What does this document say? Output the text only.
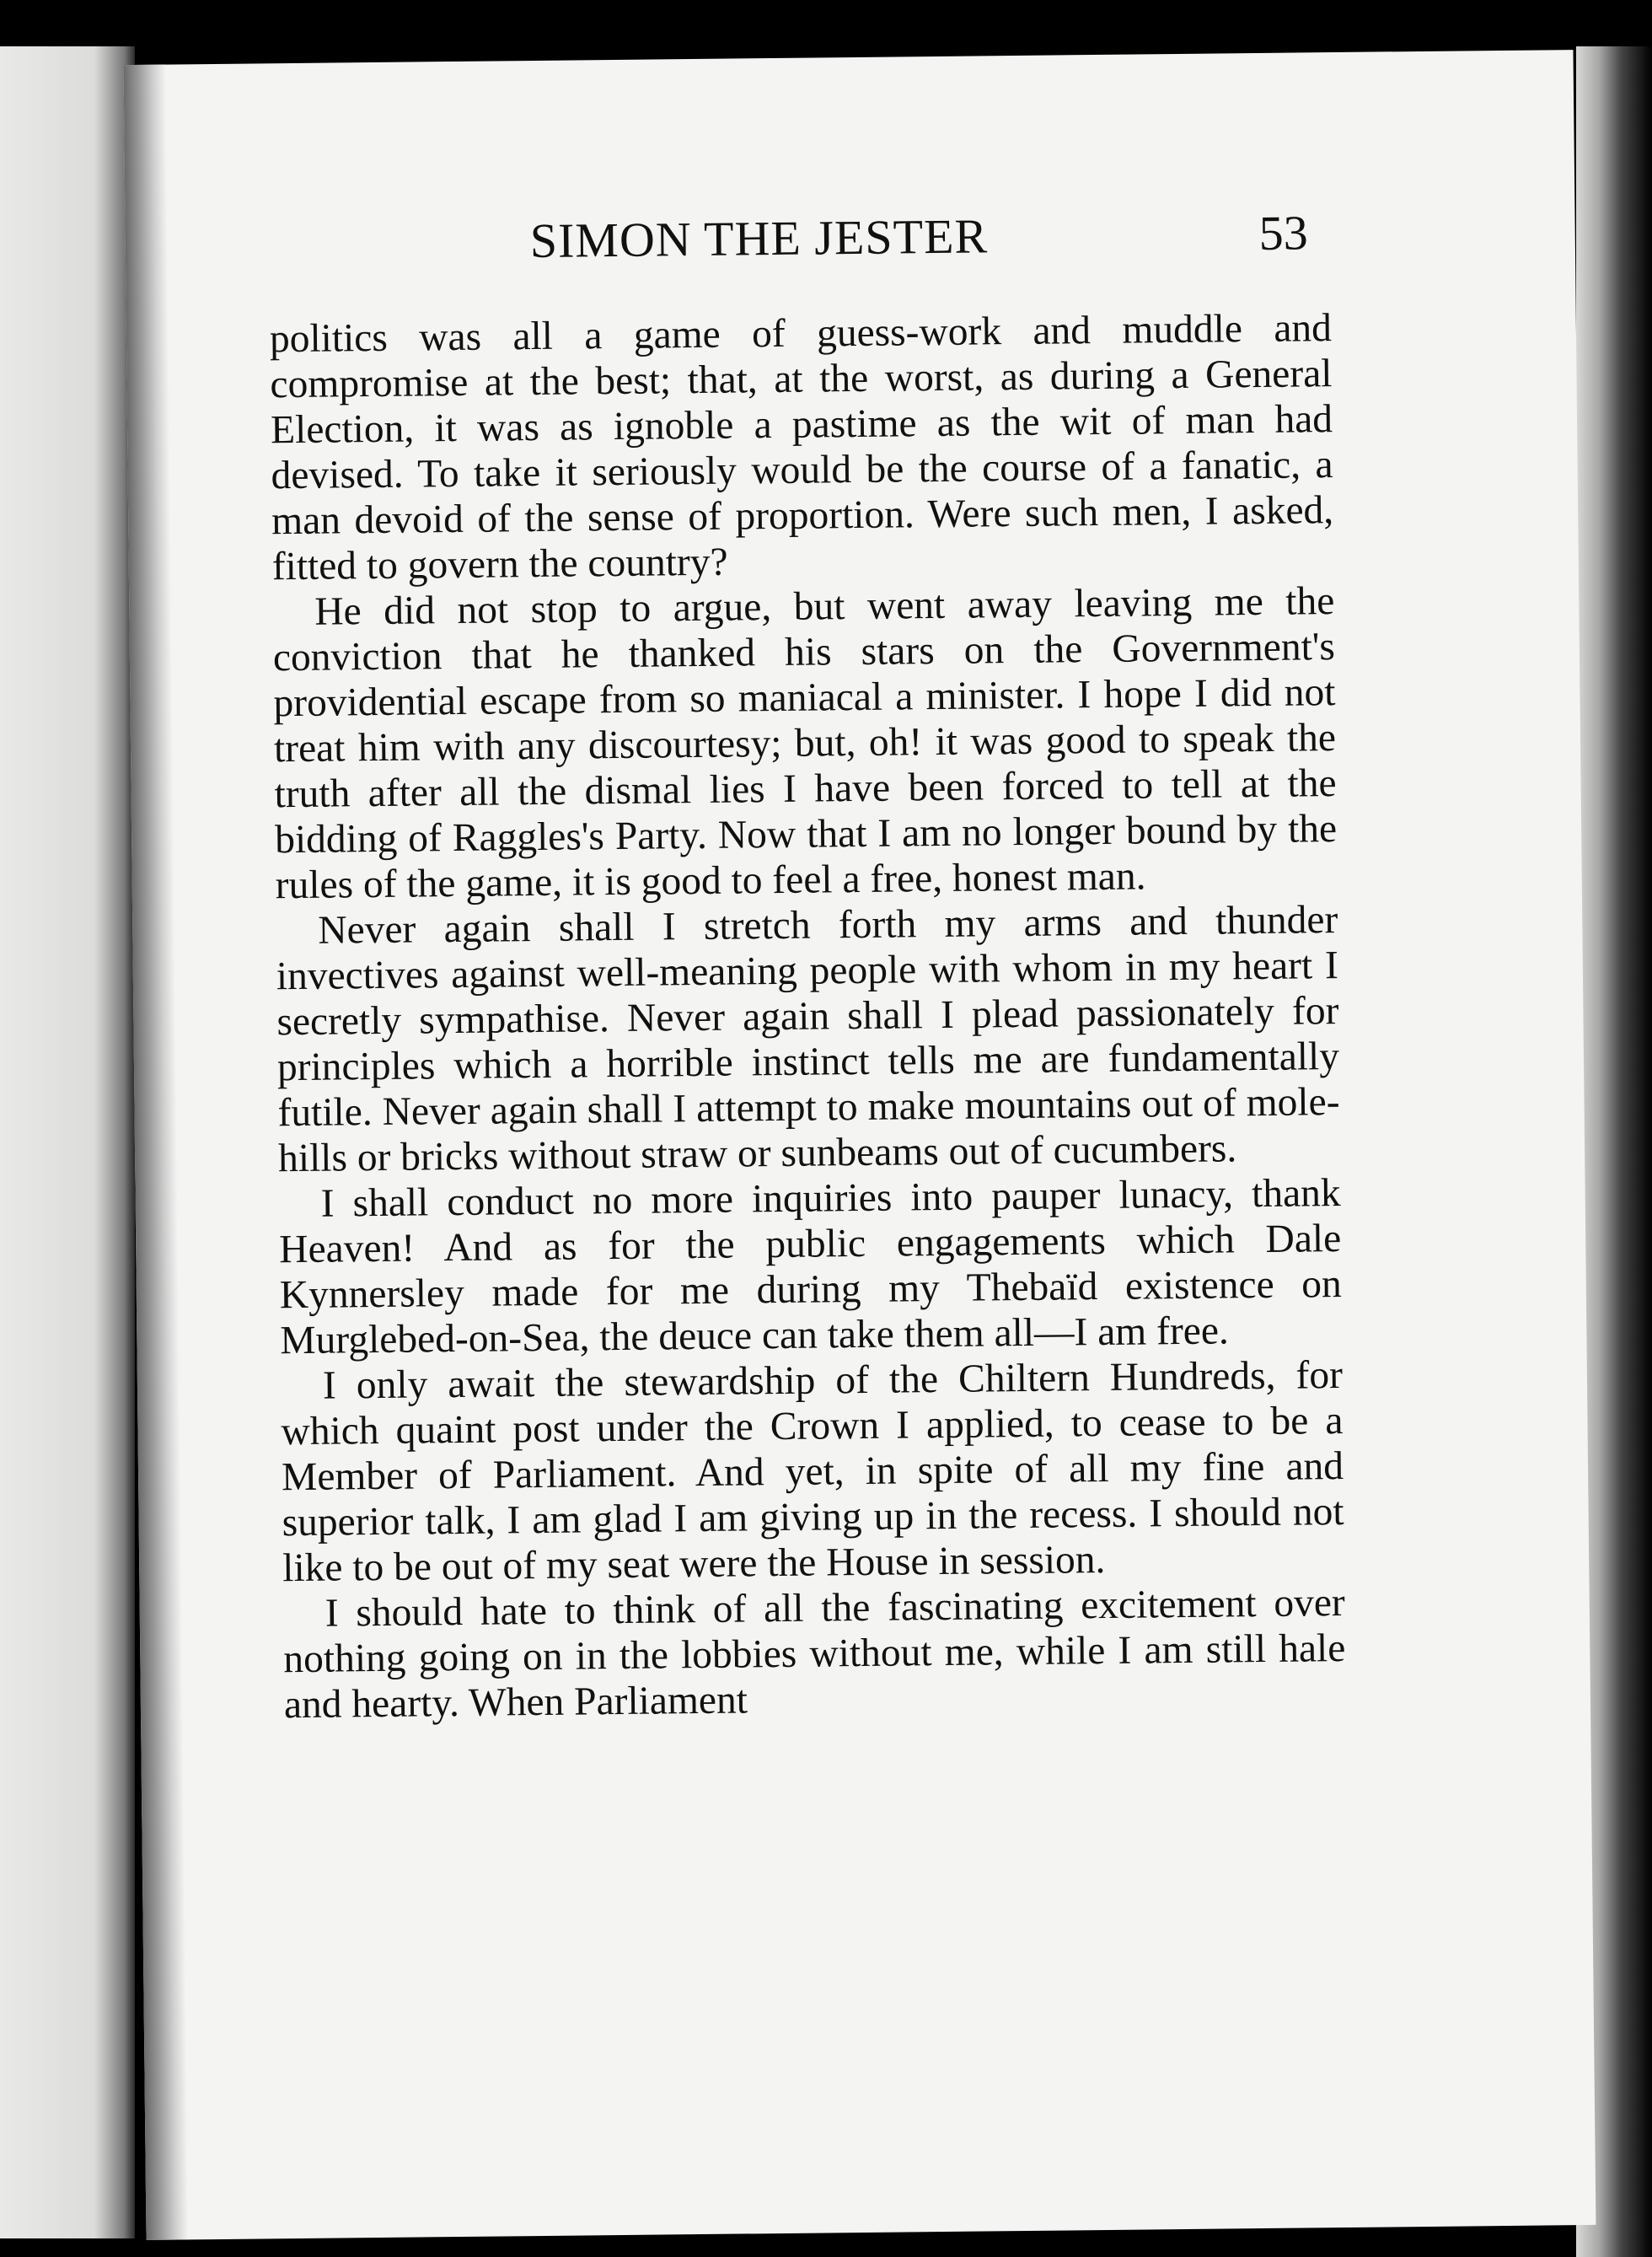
SIMON THE JESTER	53

politics was all a game of guess-work and muddle and compromise at the best; that, at the worst, as during a General Election, it was as ignoble a pastime as the wit of man had devised. To take it seriously would be the course of a fanatic, a man devoid of the sense of proportion. Were such men, I asked, fitted to govern the country?

He did not stop to argue, but went away leaving me the conviction that he thanked his stars on the Government's providential escape from so maniacal a minister. I hope I did not treat him with any discourtesy; but, oh! it was good to speak the truth after all the dismal lies I have been forced to tell at the bidding of Raggles's Party. Now that I am no longer bound by the rules of the game, it is good to feel a free, honest man.

Never again shall I stretch forth my arms and thunder invectives against well-meaning people with whom in my heart I secretly sympathise. Never again shall I plead passionately for principles which a horrible instinct tells me are fundamentally futile. Never again shall I attempt to make mountains out of mole-hills or bricks without straw or sunbeams out of cucumbers.

I shall conduct no more inquiries into pauper lunacy, thank Heaven! And as for the public engagements which Dale Kynnersley made for me during my Thebaïd existence on Murglebed-on-Sea, the deuce can take them all—I am free.

I only await the stewardship of the Chiltern Hundreds, for which quaint post under the Crown I applied, to cease to be a Member of Parliament. And yet, in spite of all my fine and superior talk, I am glad I am giving up in the recess. I should not like to be out of my seat were the House in session.

I should hate to think of all the fascinating excitement over nothing going on in the lobbies without me, while I am still hale and hearty. When Parliament
